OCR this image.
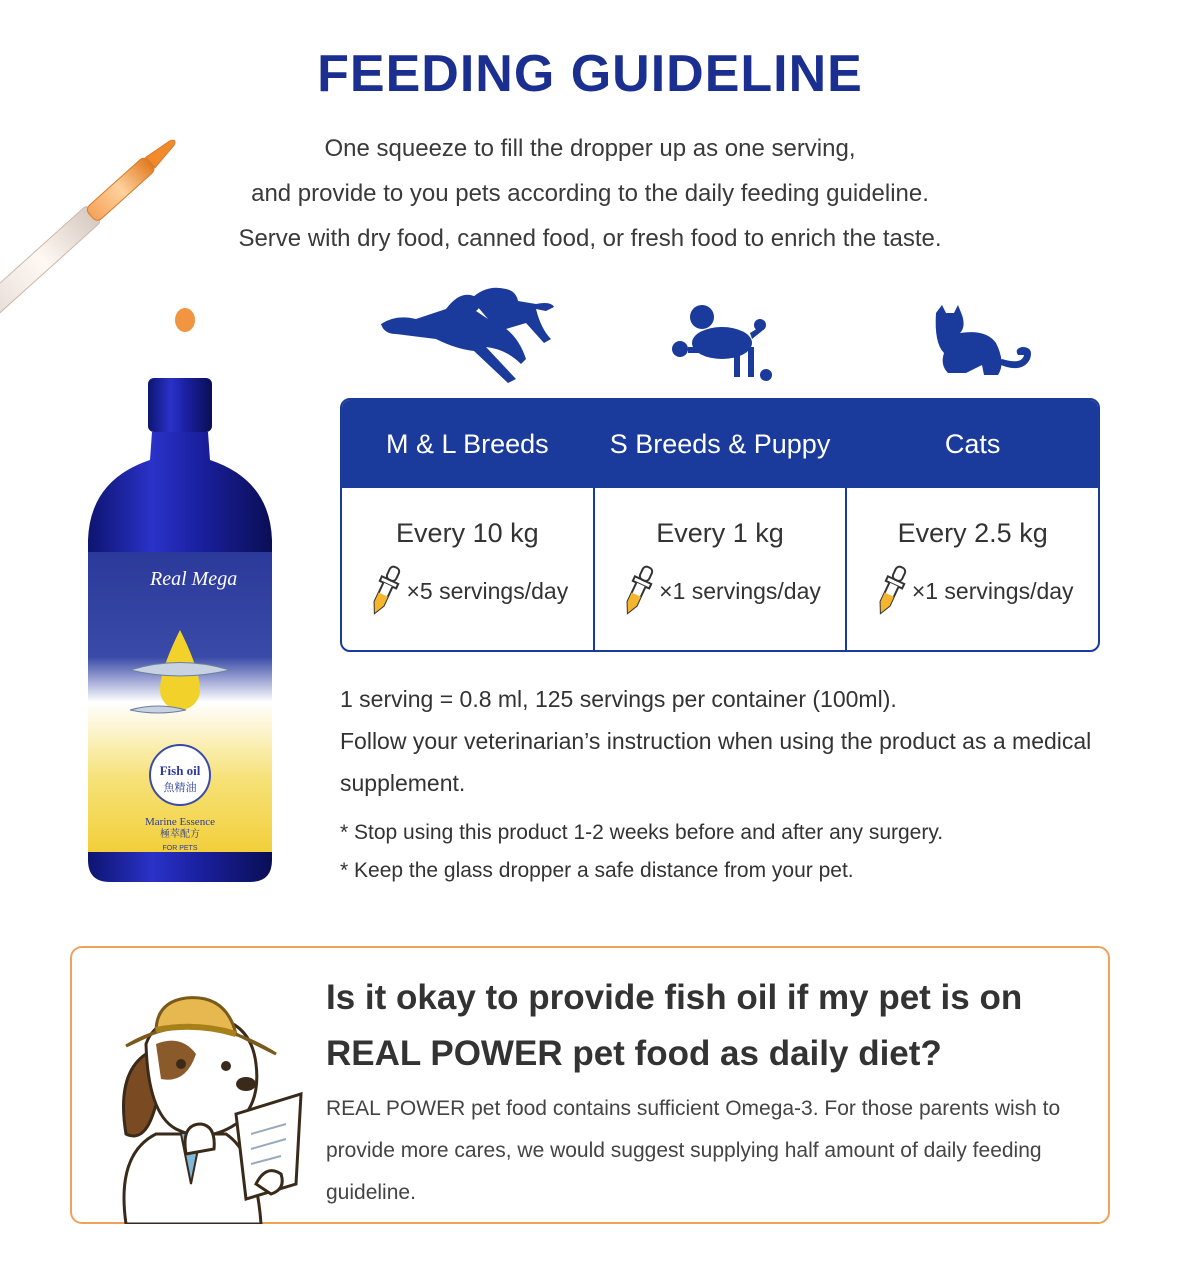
FEEDING GUIDELINE
One squeeze to fill the dropper up as one serving,
and provide to you pets according to the daily feeding guideline.
Serve with dry food, canned food, or fresh food to enrich the taste.
Real Mega
Fish oil
魚精油
Marine Essence
極萃配方
FOR PETS
M & L Breeds
Every 10 kg
×5 servings/day
S Breeds & Puppy
Every 1 kg
×1 servings/day
Cats
Every 2.5 kg
×1 servings/day
1 serving = 0.8 ml, 125 servings per container (100ml).
Follow your veterinarian’s instruction when using the product as a medical supplement.
* Stop using this product 1-2 weeks before and after any surgery.
* Keep the glass dropper a safe distance from your pet.
Is it okay to provide fish oil if my pet is on REAL POWER pet food as daily diet?
REAL POWER pet food contains sufficient Omega-3. For those parents wish to provide more cares, we would suggest supplying half amount of daily feeding guideline.
